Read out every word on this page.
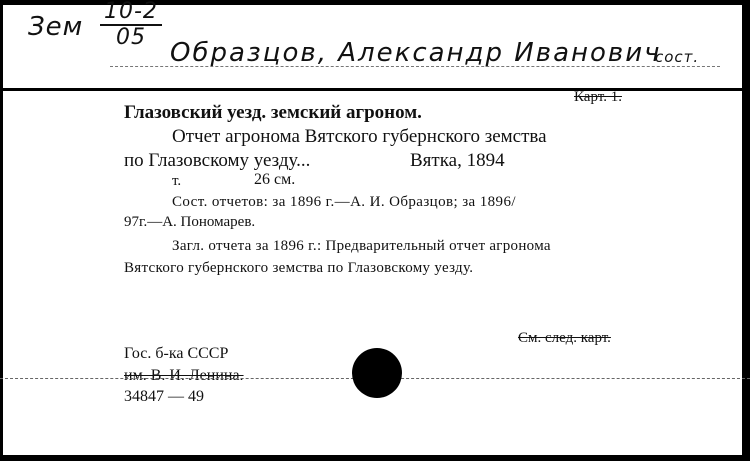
Зем
10-2
05
Образцов, Александр Иванович
сост.
Карт. 1.
Глазовский уезд. земский агроном.
Отчет агронома Вятского губернского земства
по Глазовскому уезду...	Вятка, 1894
т.	26 см.
Сост. отчетов: за 1896 г.—А. И. Образцов; за 1896/
97г.—А. Пономарев.
Загл. отчета за 1896 г.: Предварительный отчет агронома
Вятского губернского земства по Глазовскому уезду.
См. след. карт.
Гос. б-ка СССР
им. В. И. Ленина.
34847 — 49
